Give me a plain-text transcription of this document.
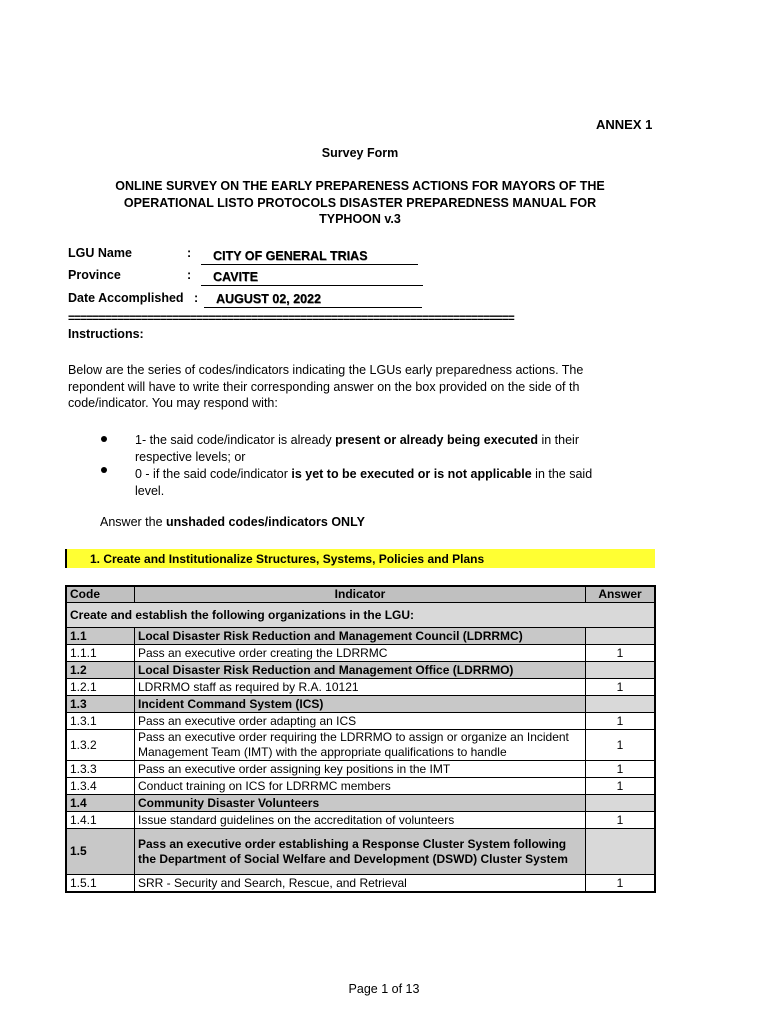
ANNEX 1
Survey Form
ONLINE SURVEY ON THE EARLY PREPARENESS ACTIONS FOR MAYORS OF THE OPERATIONAL LISTO PROTOCOLS DISASTER PREPAREDNESS MANUAL FOR TYPHOON v.3
LGU Name	:	CITY OF GENERAL TRIAS
Province	:	CAVITE
Date Accomplished :	AUGUST 02, 2022
=========================================================================
Instructions:
Below are the series of codes/indicators indicating the LGUs early preparedness actions. The repondent will have to write their corresponding answer on the box provided on the side of th code/indicator. You may respond with:
1- the said code/indicator is already present or already being executed in their respective levels; or
0 - if the said code/indicator is yet to be executed or is not applicable in the said level.
Answer the unshaded codes/indicators ONLY
1. Create and Institutionalize Structures, Systems, Policies and Plans
Code	Indicator	Answer
Create and establish the following organizations in the LGU:		
1.1	Local Disaster Risk Reduction and Management Council (LDRRMC)	
1.1.1	Pass an executive order creating the LDRRMC	1
1.2	Local Disaster Risk Reduction and Management Office (LDRRMO)	
1.2.1	LDRRMO staff as required by R.A. 10121	1
1.3	Incident Command System (ICS)	
1.3.1	Pass an executive order adapting an ICS	1
1.3.2	Pass an executive order requiring the LDRRMO to assign or organize an Incident Management Team (IMT) with the appropriate qualifications to handle	1
1.3.3	Pass an executive order assigning key positions in the IMT	1
1.3.4	Conduct training on ICS for LDRRMC members	1
1.4	Community Disaster Volunteers	
1.4.1	Issue standard guidelines on the accreditation of volunteers	1
1.5	Pass an executive order establishing a Response Cluster System following the Department of Social Welfare and Development (DSWD) Cluster System	
1.5.1	SRR - Security and Search, Rescue, and Retrieval	1
Page 1 of 13
